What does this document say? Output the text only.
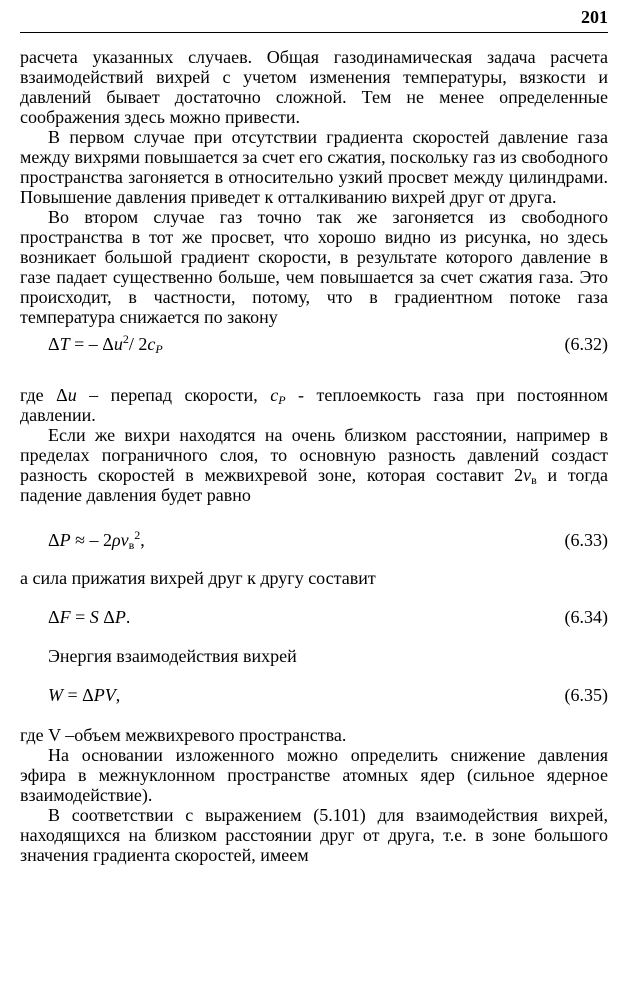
201

расчета указанных случаев. Общая газодинамическая задача расчета взаимодействий вихрей с учетом изменения температуры, вязкости и давлений бывает достаточно сложной. Тем не менее определенные соображения здесь можно привести.

В первом случае при отсутствии градиента скоростей давление газа между вихрями повышается за счет его сжатия, поскольку газ из свободного пространства загоняется в относительно узкий просвет между цилиндрами. Повышение давления приведет к отталкиванию вихрей друг от друга.

Во втором случае газ точно так же загоняется из свободного пространства в тот же просвет, что хорошо видно из рисунка, но здесь возникает большой градиент скорости, в результате которого давление в газе падает существенно больше, чем повышается за счет сжатия газа. Это происходит, в частности, потому, что в градиентном потоке газа температура снижается по закону

ΔT = – $\Delta u^2/$ $2c_P$	(6.32)

где Δu – перепад скорости, $c_P$ - теплоемкость газа при постоянном давлении.

Если же вихри находятся на очень близком расстоянии, например в пределах пограничного слоя, то основную разность давлений создаст разность скоростей в межвихревой зоне, которая составит $2v_в$ и тогда падение давления будет равно

ΔP ≈ – $2\rho v_в^2$,	(6.33)

а сила прижатия вихрей друг к другу составит

ΔF = S ΔP.	(6.34)

Энергия взаимодействия вихрей

W = ΔPV,	(6.35)

где V –объем межвихревого пространства.

На основании изложенного можно определить снижение давления эфира в межнуклонном пространстве атомных ядер (сильное ядерное взаимодействие).

В соответствии с выражением (5.101) для взаимодействия вихрей, находящихся на близком расстоянии друг от друга, т.е. в зоне большого значения градиента скоростей, имеем
